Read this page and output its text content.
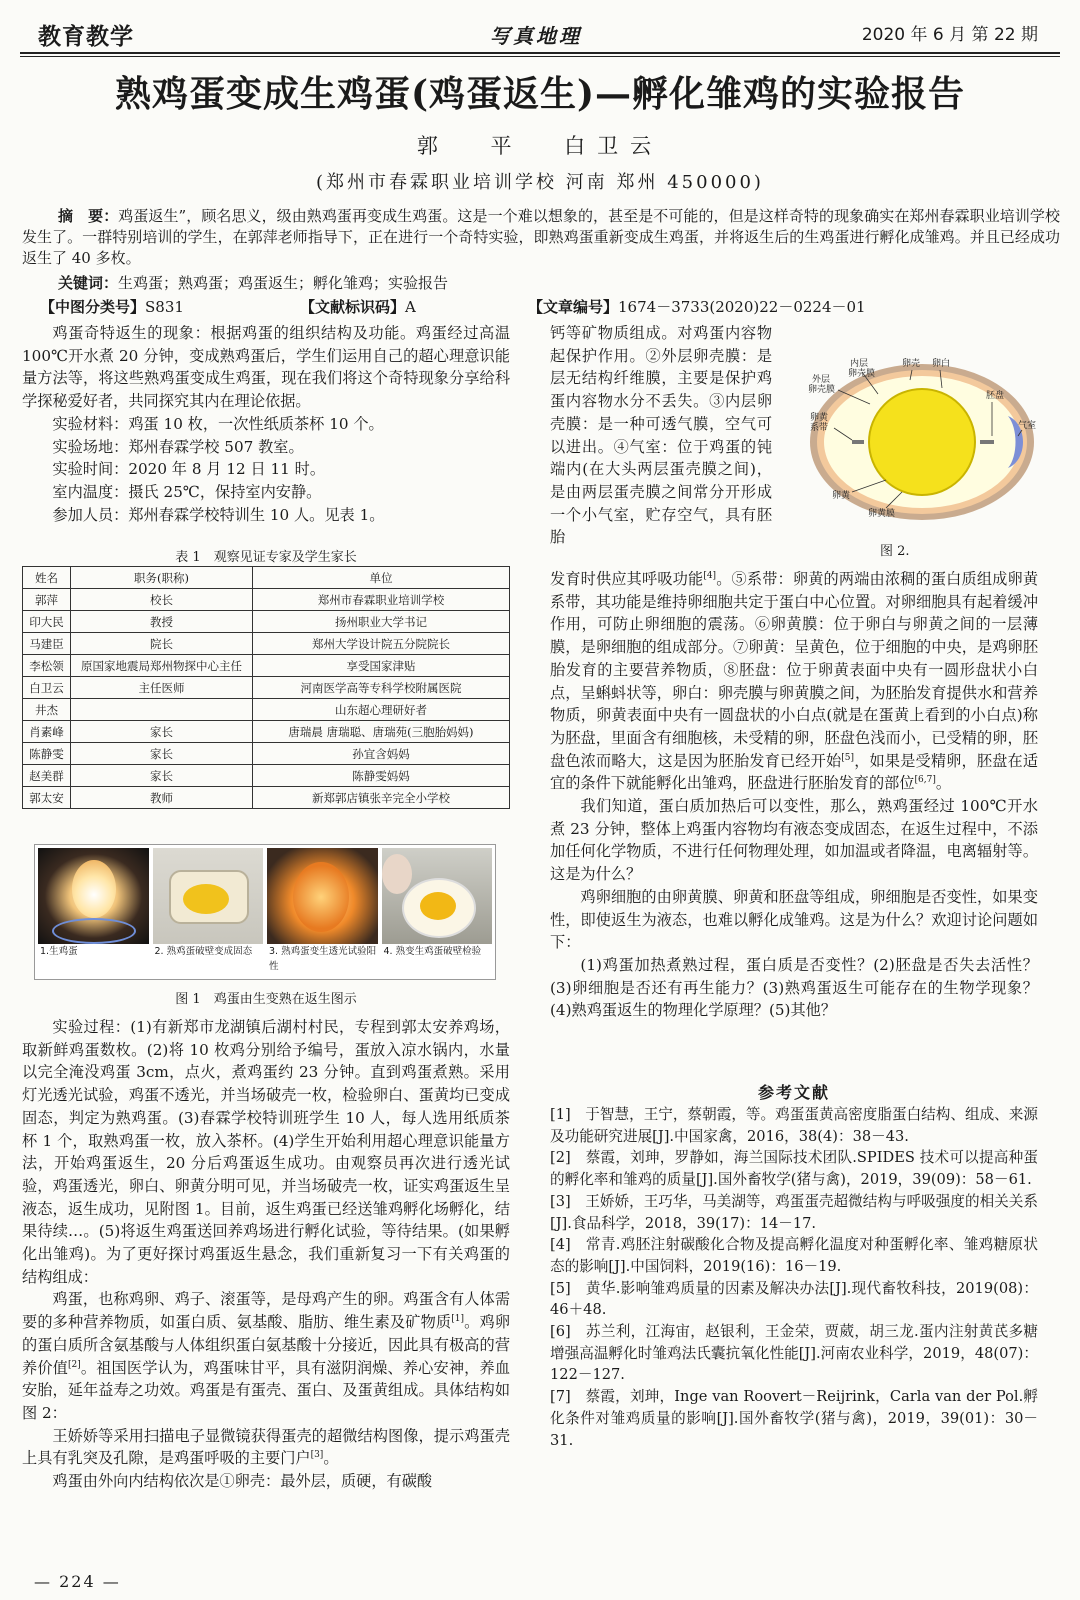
教育教学	写真地理	2020 年 6 月 第 22 期
熟鸡蛋变成生鸡蛋(鸡蛋返生)—孵化雏鸡的实验报告
郭 平 白卫云
(郑州市春霖职业培训学校 河南 郑州 450000)
摘　要：鸡蛋返生”，顾名思义，级由熟鸡蛋再变成生鸡蛋。这是一个难以想象的，甚至是不可能的，但是这样奇特的现象确实在郑州春霖职业培训学校发生了。一群特别培训的学生，在郭萍老师指导下，正在进行一个奇特实验，即熟鸡蛋重新变成生鸡蛋，并将返生后的生鸡蛋进行孵化成雏鸡。并且已经成功返生了 40 多枚。
关键词：生鸡蛋；熟鸡蛋；鸡蛋返生；孵化雏鸡；实验报告
【中图分类号】S831	【文献标识码】A	【文章编号】1674－3733(2020)22－0224－01

鸡蛋奇特返生的现象：根据鸡蛋的组织结构及功能。鸡蛋经过高温 100℃开水煮 20 分钟，变成熟鸡蛋后，学生们运用自己的超心理意识能量方法等，将这些熟鸡蛋变成生鸡蛋，现在我们将这个奇特现象分享给科学探秘爱好者，共同探究其内在理论依据。

实验材料：鸡蛋 10 枚，一次性纸质茶杯 10 个。

实验场地：郑州春霖学校 507 教室。

实验时间：2020 年 8 月 12 日 11 时。

室内温度：摄氏 25℃，保持室内安静。

参加人员：郑州春霖学校特训生 10 人。见表 1。

表 1　观察见证专家及学生家长
姓名	职务(职称)	单位
郭萍	校长	郑州市春霖职业培训学校
印大民	教授	扬州职业大学书记
马建臣	院长	郑州大学设计院五分院院长
李松领	原国家地震局郑州物探中心主任	享受国家津贴
白卫云	主任医师	河南医学高等专科学校附属医院
井杰		山东超心理研好者
肖素峰	家长	唐瑞晨 唐瑞聪、唐瑞苑(三胞胎妈妈)
陈静雯	家长	孙宜含妈妈
赵美群	家长	陈静雯妈妈
郭太安	教师	新郑郭店镇张辛完全小学校
1.生鸡蛋	2. 熟鸡蛋破壁变成固态	3. 熟鸡蛋变生透光试验阳性
4. 熟变生鸡蛋破壁检验
图 1　鸡蛋由生变熟在返生图示

实验过程：(1)有新郑市龙湖镇后湖村村民，专程到郭太安养鸡场，取新鲜鸡蛋数枚。(2)将 10 枚鸡分别给予编号，蛋放入凉水锅内，水量以完全淹没鸡蛋 3cm，点火，煮鸡蛋约 23 分钟。直到鸡蛋煮熟。采用灯光透光试验，鸡蛋不透光，并当场破壳一枚，检验卵白、蛋黄均已变成固态，判定为熟鸡蛋。(3)春霖学校特训班学生 10 人，每人选用纸质茶杯 1 个，取熟鸡蛋一枚，放入茶杯。(4)学生开始利用超心理意识能量方法，开始鸡蛋返生，20 分后鸡蛋返生成功。由观察员再次进行透光试验，鸡蛋透光，卵白、卵黄分明可见，并当场破壳一枚，证实鸡蛋返生呈液态，返生成功，见附图 1。目前，返生鸡蛋已经送雏鸡孵化场孵化，结果待续…。(5)将返生鸡蛋送回养鸡场进行孵化试验，等待结果。(如果孵化出雏鸡)。为了更好探讨鸡蛋返生悬念，我们重新复习一下有关鸡蛋的结构组成：

鸡蛋，也称鸡卵、鸡子、滚蛋等，是母鸡产生的卵。鸡蛋含有人体需要的多种营养物质，如蛋白质、氨基酸、脂肪、维生素及矿物质[1]。鸡卵的蛋白质所含氨基酸与人体组织蛋白氨基酸十分接近，因此具有极高的营养价值[2]。祖国医学认为，鸡蛋味甘平，具有滋阴润燥、养心安神，养血安胎，延年益寿之功效。鸡蛋是有蛋壳、蛋白、及蛋黄组成。具体结构如图 2：

王娇娇等采用扫描电子显微镜获得蛋壳的超微结构图像，提示鸡蛋壳上具有乳突及孔隙，是鸡蛋呼吸的主要门户[3]。

鸡蛋由外向内结构依次是①卵壳：最外层，质硬，有碳酸

钙等矿物质组成。对鸡蛋内容物起保护作用。②外层卵壳膜：是层无结构纤维膜，主要是保护鸡蛋内容物水分不丢失。③内层卵壳膜：是一种可透气膜，空气可以进出。④气室：位于鸡蛋的钝端内(在大头两层蛋壳膜之间)，是由两层蛋壳膜之间常分开形成一个小气室，贮存空气，具有胚胎

内层
卵壳膜
卵壳 卵白
外层
卵壳膜
卵黄
系带
胚盘
气室
卵黄
卵黄膜
图 2.

发育时供应其呼吸功能[4]。⑤系带：卵黄的两端由浓稠的蛋白质组成卵黄系带，其功能是维持卵细胞共定于蛋白中心位置。对卵细胞具有起着缓冲作用，可防止卵细胞的震荡。⑥卵黄膜：位于卵白与卵黄之间的一层薄膜，是卵细胞的组成部分。⑦卵黄：呈黄色，位于细胞的中央，是鸡卵胚胎发育的主要营养物质，⑧胚盘：位于卵黄表面中央有一圆形盘状小白点，呈蝌蚪状等，卵白：卵壳膜与卵黄膜之间，为胚胎发育提供水和营养物质，卵黄表面中央有一圆盘状的小白点(就是在蛋黄上看到的小白点)称为胚盘，里面含有细胞核，未受精的卵，胚盘色浅而小，已受精的卵，胚盘色浓而略大，这是因为胚胎发育已经开始[5]，如果是受精卵，胚盘在适宜的条件下就能孵化出雏鸡，胚盘进行胚胎发育的部位[6,7]。

我们知道，蛋白质加热后可以变性，那么，熟鸡蛋经过 100℃开水煮 23 分钟，整体上鸡蛋内容物均有液态变成固态，在返生过程中，不添加任何化学物质，不进行任何物理处理，如加温或者降温，电离辐射等。这是为什么？

鸡卵细胞的由卵黄膜、卵黄和胚盘等组成，卵细胞是否变性，如果变性，即使返生为液态，也难以孵化成雏鸡。这是为什么？欢迎讨论问题如下：

(1)鸡蛋加热煮熟过程，蛋白质是否变性？(2)胚盘是否失去活性？(3)卵细胞是否还有再生能力？(3)熟鸡蛋返生可能存在的生物学现象？(4)熟鸡蛋返生的物理化学原理？(5)其他？

参考文献

[1]　于智慧，王宁，蔡朝霞，等。鸡蛋蛋黄高密度脂蛋白结构、组成、来源及功能研究进展[J].中国家禽，2016，38(4)：38－43.

[2]　蔡霞，刘珅，罗静如，海兰国际技术团队.SPIDES 技术可以提高种蛋的孵化率和雏鸡的质量[J].国外畜牧学(猪与禽)，2019，39(09)：58－61.

[3]　王娇娇，王巧华，马美湖等，鸡蛋蛋壳超微结构与呼吸强度的相关关系[J].食品科学，2018，39(17)：14－17.

[4]　常青.鸡胚注射碳酸化合物及提高孵化温度对种蛋孵化率、雏鸡糖原状态的影响[J].中国饲料，2019(16)：16－19.

[5]　黄华.影响雏鸡质量的因素及解决办法[J].现代畜牧科技，2019(08)：46＋48.

[6]　苏兰利，江海宙，赵银利，王金荣，贾葳，胡三龙.蛋内注射黄芪多糖增强高温孵化时雏鸡法氏囊抗氧化性能[J].河南农业科学，2019，48(07)：122－127.

[7]　蔡霞，刘珅，Inge van Roovert－Reijrink，Carla van der Pol.孵化条件对雏鸡质量的影响[J].国外畜牧学(猪与禽)，2019，39(01)：30－31.

— 224 —
